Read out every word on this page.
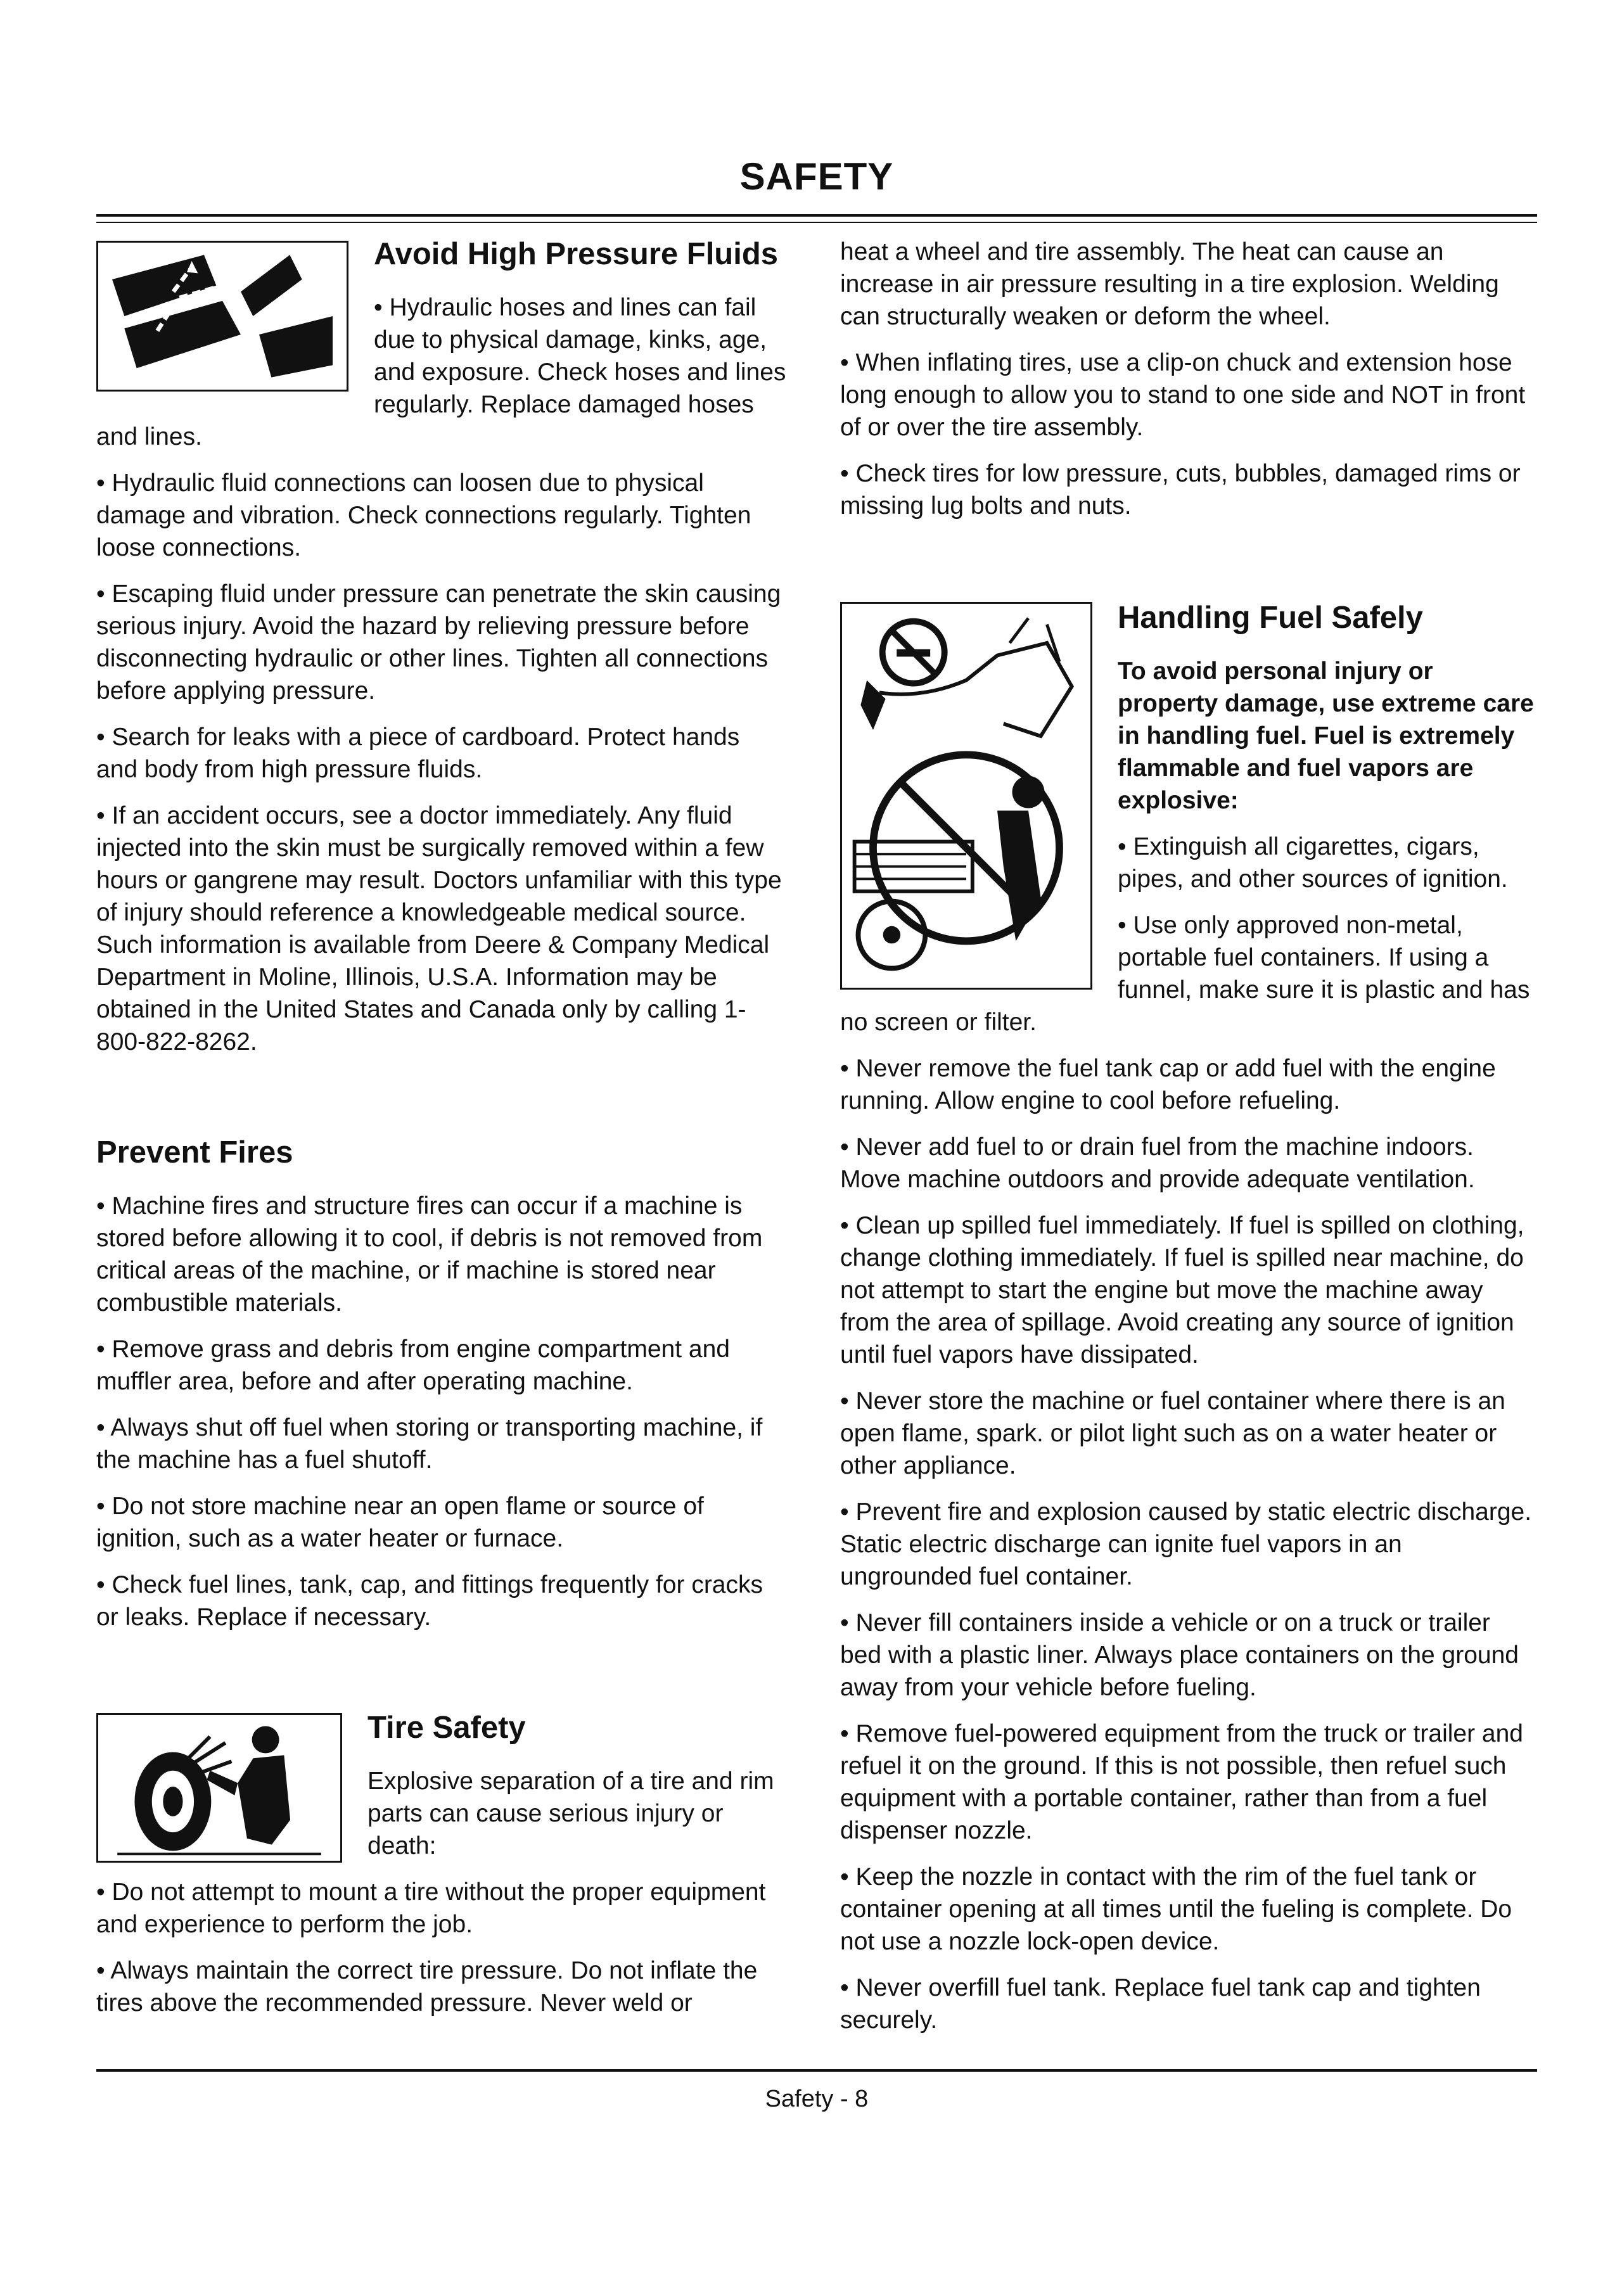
SAFETY
Avoid High Pressure Fluids

• Hydraulic hoses and lines can fail due to physical damage, kinks, age, and exposure. Check hoses and lines regularly. Replace damaged hoses and lines.

• Hydraulic fluid connections can loosen due to physical damage and vibration. Check connections regularly. Tighten loose connections.

• Escaping fluid under pressure can penetrate the skin causing serious injury. Avoid the hazard by relieving pressure before disconnecting hydraulic or other lines. Tighten all connections before applying pressure.

• Search for leaks with a piece of cardboard. Protect hands and body from high pressure fluids.

• If an accident occurs, see a doctor immediately. Any fluid injected into the skin must be surgically removed within a few hours or gangrene may result. Doctors unfamiliar with this type of injury should reference a knowledgeable medical source. Such information is available from Deere & Company Medical Department in Moline, Illinois, U.S.A. Information may be obtained in the United States and Canada only by calling 1-800-822-8262.

Prevent Fires

• Machine fires and structure fires can occur if a machine is stored before allowing it to cool, if debris is not removed from critical areas of the machine, or if machine is stored near combustible materials.

• Remove grass and debris from engine compartment and muffler area, before and after operating machine.

• Always shut off fuel when storing or transporting machine, if the machine has a fuel shutoff.

• Do not store machine near an open flame or source of ignition, such as a water heater or furnace.

• Check fuel lines, tank, cap, and fittings frequently for cracks or leaks. Replace if necessary.

Tire Safety

Explosive separation of a tire and rim parts can cause serious injury or death:

• Do not attempt to mount a tire without the proper equipment and experience to perform the job.

• Always maintain the correct tire pressure. Do not inflate the tires above the recommended pressure. Never weld or

heat a wheel and tire assembly. The heat can cause an increase in air pressure resulting in a tire explosion. Welding can structurally weaken or deform the wheel.

• When inflating tires, use a clip-on chuck and extension hose long enough to allow you to stand to one side and NOT in front of or over the tire assembly.

• Check tires for low pressure, cuts, bubbles, damaged rims or missing lug bolts and nuts.

Handling Fuel Safely

To avoid personal injury or property damage, use extreme care in handling fuel. Fuel is extremely flammable and fuel vapors are explosive:

• Extinguish all cigarettes, cigars, pipes, and other sources of ignition.

• Use only approved non-metal, portable fuel containers. If using a funnel, make sure it is plastic and has no screen or filter.

• Never remove the fuel tank cap or add fuel with the engine running. Allow engine to cool before refueling.

• Never add fuel to or drain fuel from the machine indoors. Move machine outdoors and provide adequate ventilation.

• Clean up spilled fuel immediately. If fuel is spilled on clothing, change clothing immediately. If fuel is spilled near machine, do not attempt to start the engine but move the machine away from the area of spillage. Avoid creating any source of ignition until fuel vapors have dissipated.

• Never store the machine or fuel container where there is an open flame, spark. or pilot light such as on a water heater or other appliance.

• Prevent fire and explosion caused by static electric discharge. Static electric discharge can ignite fuel vapors in an ungrounded fuel container.

• Never fill containers inside a vehicle or on a truck or trailer bed with a plastic liner. Always place containers on the ground away from your vehicle before fueling.

• Remove fuel-powered equipment from the truck or trailer and refuel it on the ground. If this is not possible, then refuel such equipment with a portable container, rather than from a fuel dispenser nozzle.

• Keep the nozzle in contact with the rim of the fuel tank or container opening at all times until the fueling is complete. Do not use a nozzle lock-open device.

• Never overfill fuel tank. Replace fuel tank cap and tighten securely.

Safety - 8
